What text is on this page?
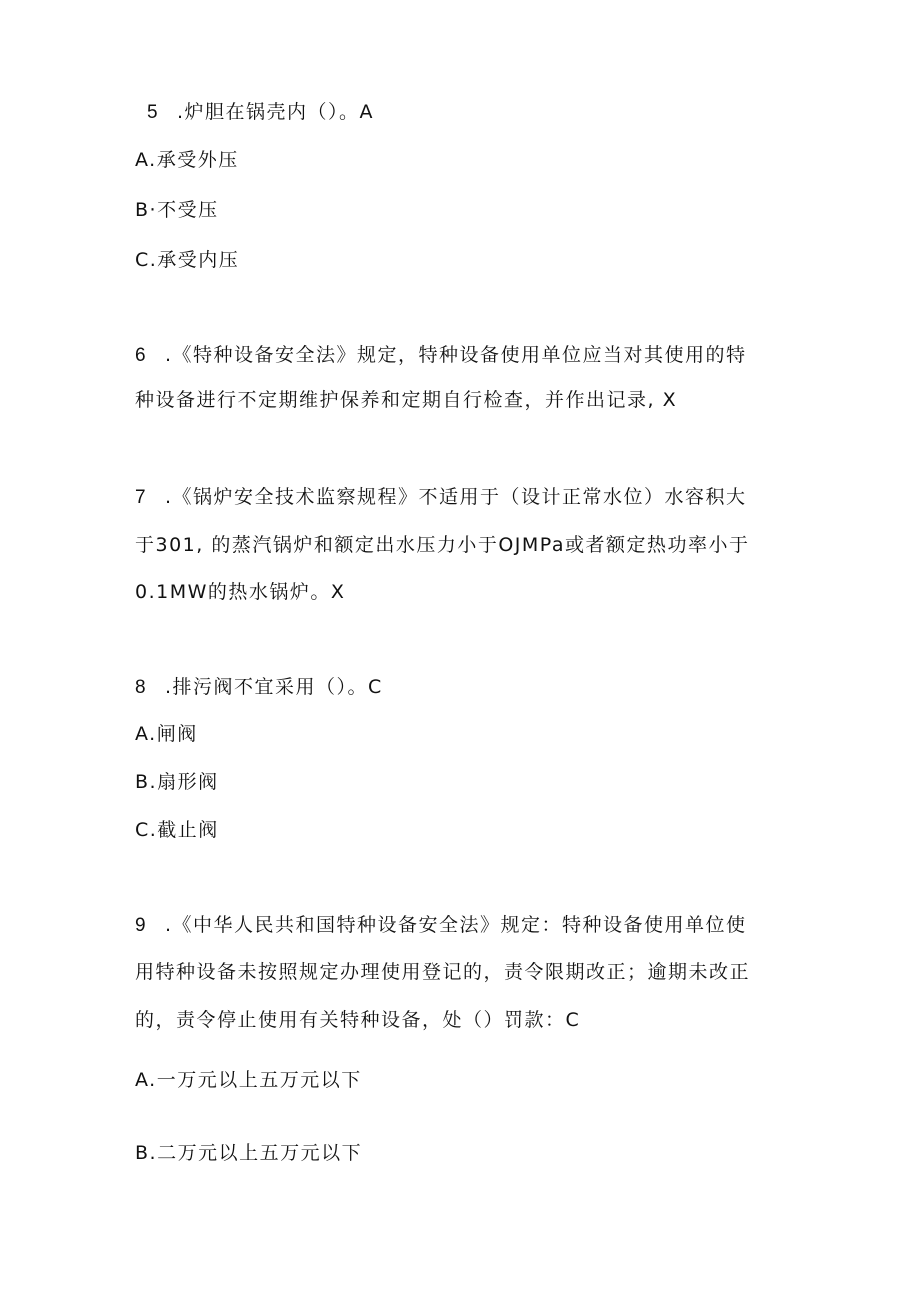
5 .炉胆在锅壳内（）。A
A.承受外压
B·不受压
C.承受内压
6 .《特种设备安全法》规定，特种设备使用单位应当对其使用的特
种设备进行不定期维护保养和定期自行检查，并作出记录, X
7 .《锅炉安全技术监察规程》不适用于（设计正常水位）水容积大
于301, 的蒸汽锅炉和额定出水压力小于OJMPa或者额定热功率小于
0.1MW的热水锅炉。X
8 .排污阀不宜采用（）。C
A.闸阀
B.扇形阀
C.截止阀
9 .《中华人民共和国特种设备安全法》规定：特种设备使用单位使
用特种设备未按照规定办理使用登记的，责令限期改正；逾期未改正
的，责令停止使用有关特种设备，处（）罚款：C
A.一万元以上五万元以下
B.二万元以上五万元以下
